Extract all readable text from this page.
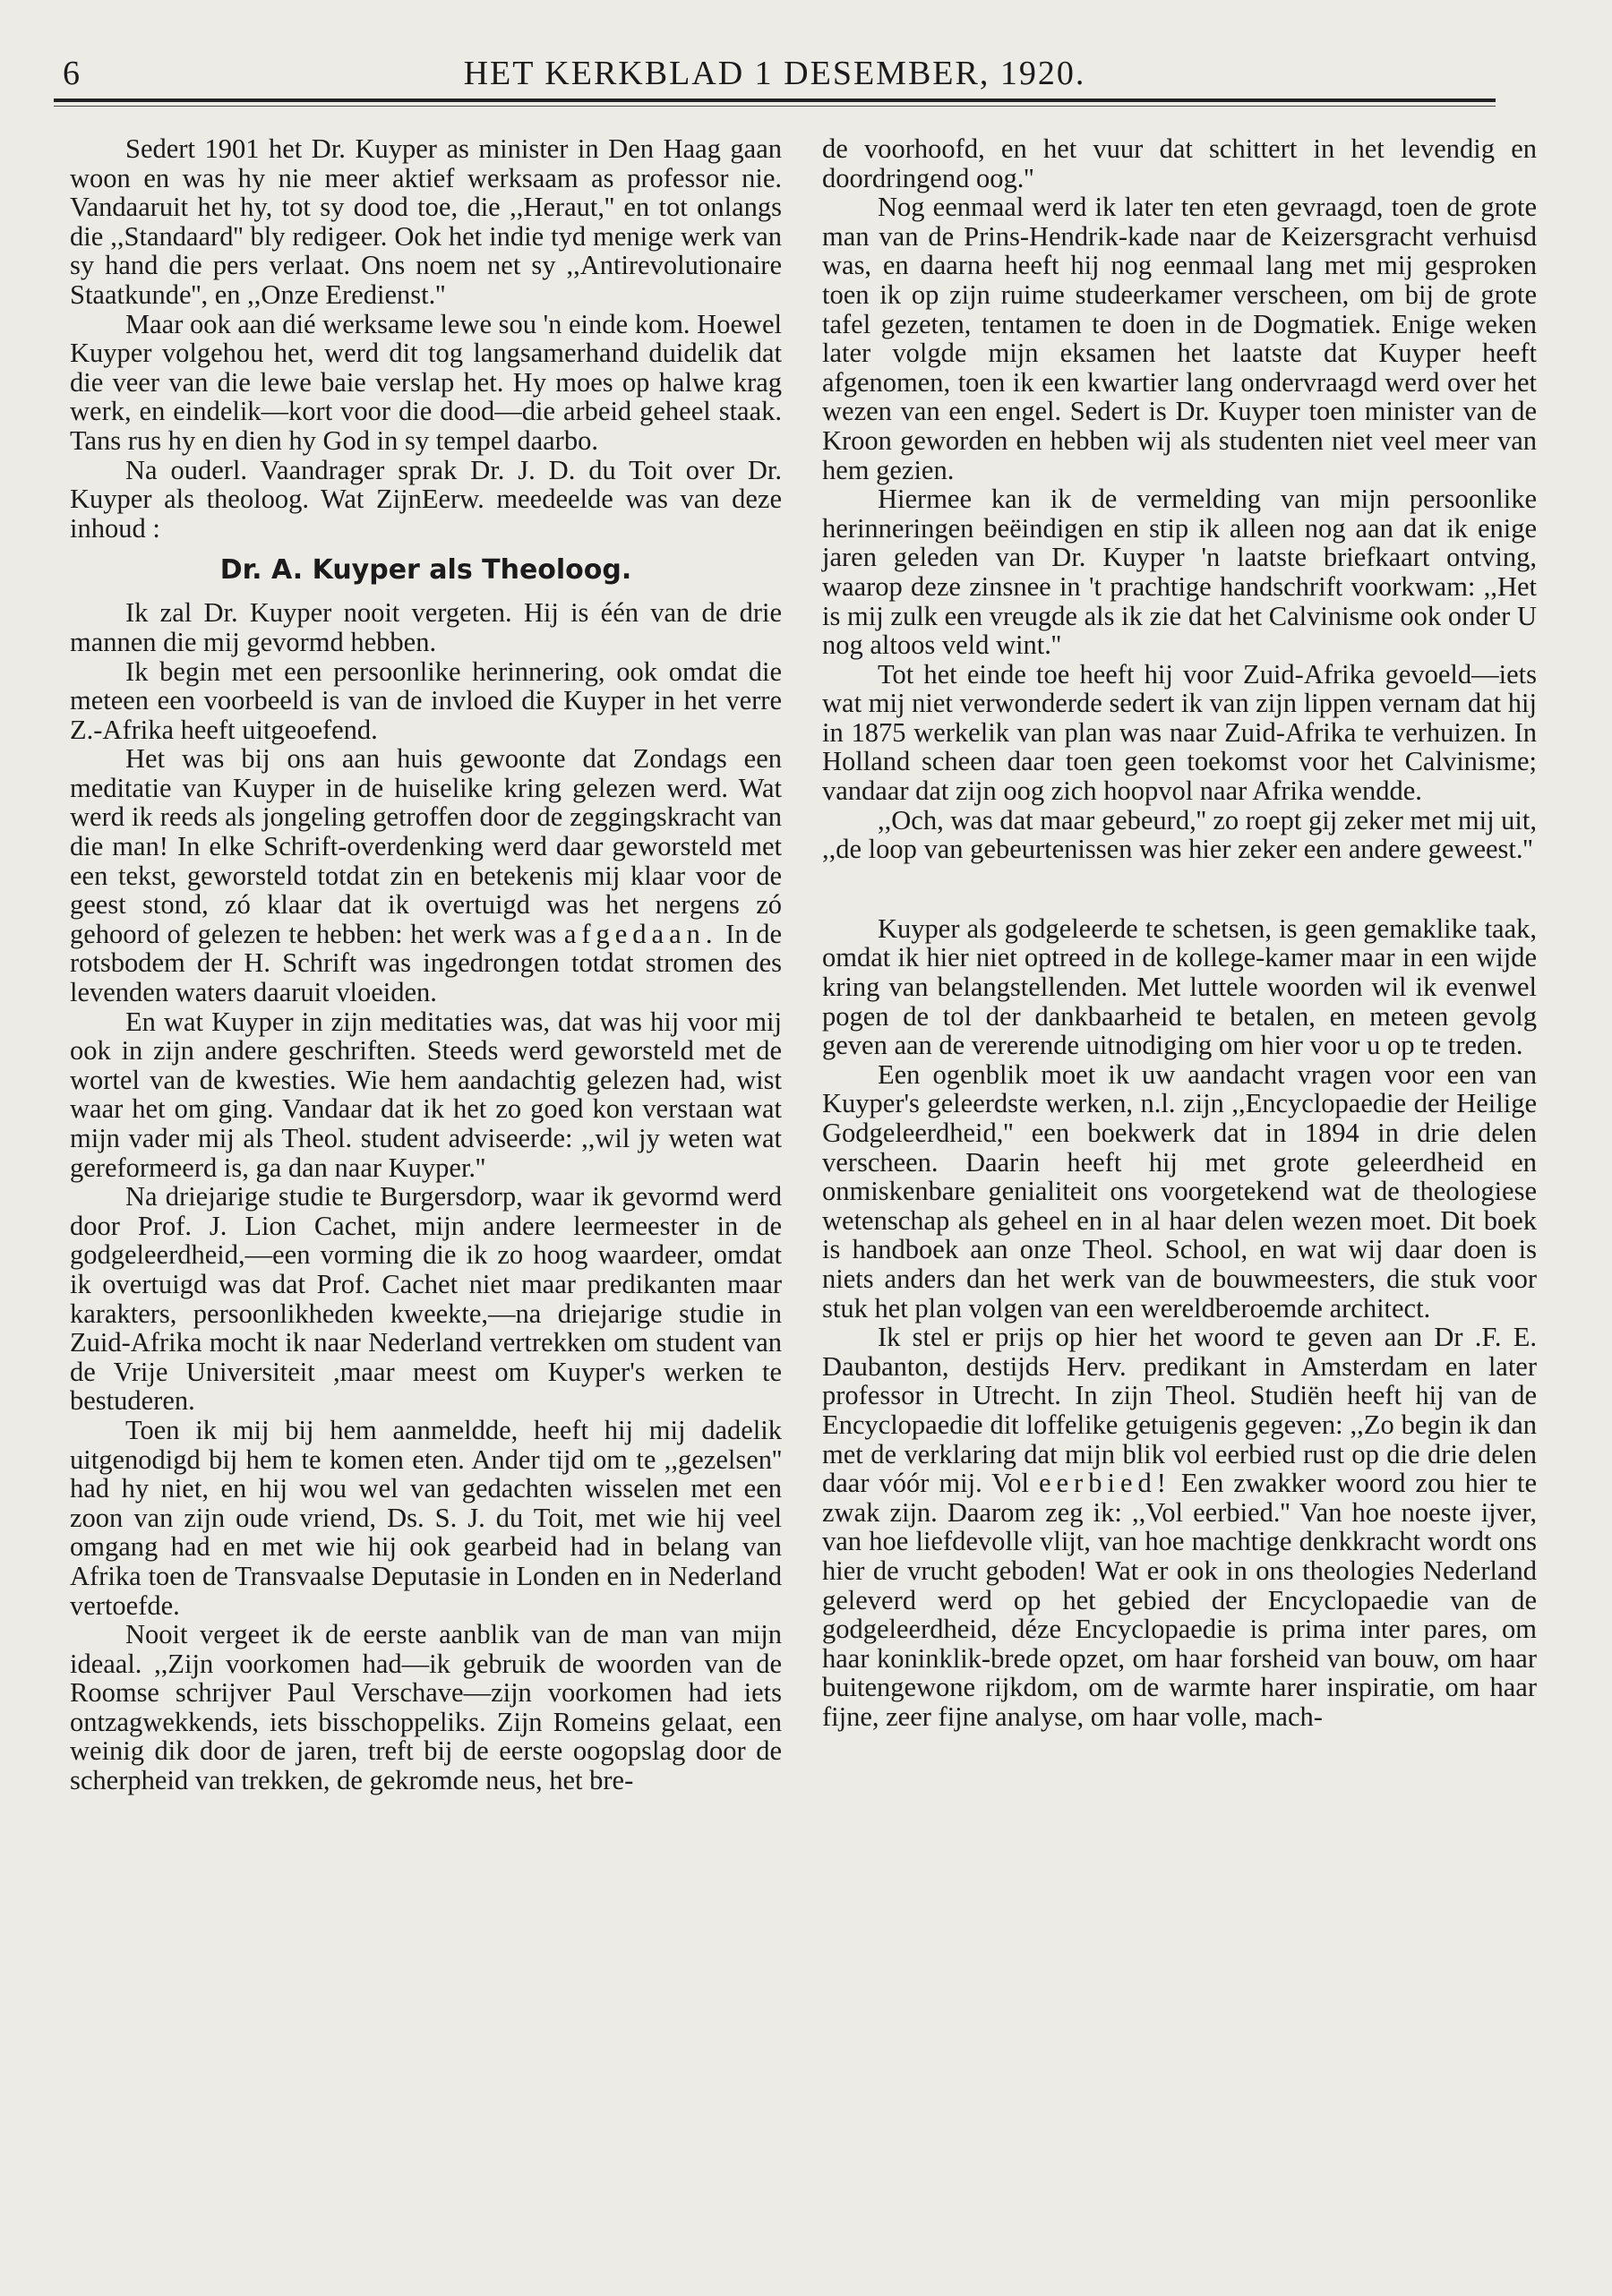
6	HET KERKBLAD 1 DESEMBER, 1920.

Sedert 1901 het Dr. Kuyper as minister in Den Haag gaan woon en was hy nie meer aktief werksaam as professor nie. Vandaaruit het hy, tot sy dood toe, die ,,Heraut,'' en tot onlangs die ,,Standaard'' bly redigeer. Ook het indie tyd menige werk van sy hand die pers verlaat. Ons noem net sy ,,Antirevolutionaire Staatkunde'', en ,,Onze Eredienst.''

Maar ook aan dié werksame lewe sou 'n einde kom. Hoewel Kuyper volgehou het, werd dit tog langsamerhand duidelik dat die veer van die lewe baie verslap het. Hy moes op halwe krag werk, en eindelik—kort voor die dood—die arbeid geheel staak. Tans rus hy en dien hy God in sy tempel daarbo.

Na ouderl. Vaandrager sprak Dr. J. D. du Toit over Dr. Kuyper als theoloog. Wat ZijnEerw. meedeelde was van deze inhoud :

Dr. A. Kuyper als Theoloog.

Ik zal Dr. Kuyper nooit vergeten. Hij is één van de drie mannen die mij gevormd hebben.

Ik begin met een persoonlike herinnering, ook omdat die meteen een voorbeeld is van de invloed die Kuyper in het verre Z.-Afrika heeft uitgeoefend.

Het was bij ons aan huis gewoonte dat Zondags een meditatie van Kuyper in de huiselike kring gelezen werd. Wat werd ik reeds als jongeling getroffen door de zeggingskracht van die man! In elke Schrift-overdenking werd daar geworsteld met een tekst, geworsteld totdat zin en betekenis mij klaar voor de geest stond, zó klaar dat ik overtuigd was het nergens zó gehoord of gelezen te hebben: het werk was afgedaan. In de rotsbodem der H. Schrift was ingedrongen totdat stromen des levenden waters daaruit vloeiden.

En wat Kuyper in zijn meditaties was, dat was hij voor mij ook in zijn andere geschriften. Steeds werd geworsteld met de wortel van de kwesties. Wie hem aandachtig gelezen had, wist waar het om ging. Vandaar dat ik het zo goed kon verstaan wat mijn vader mij als Theol. student adviseerde: ,,wil jy weten wat gereformeerd is, ga dan naar Kuyper.''

Na driejarige studie te Burgersdorp, waar ik gevormd werd door Prof. J. Lion Cachet, mijn andere leermeester in de godgeleerdheid,—een vorming die ik zo hoog waardeer, omdat ik overtuigd was dat Prof. Cachet niet maar predikanten maar karakters, persoonlikheden kweekte,—na driejarige studie in Zuid-Afrika mocht ik naar Nederland vertrekken om student van de Vrije Universiteit ,maar meest om Kuyper's werken te bestuderen.

Toen ik mij bij hem aanmeldde, heeft hij mij dadelik uitgenodigd bij hem te komen eten. Ander tijd om te ,,gezelsen'' had hy niet, en hij wou wel van gedachten wisselen met een zoon van zijn oude vriend, Ds. S. J. du Toit, met wie hij veel omgang had en met wie hij ook gearbeid had in belang van Afrika toen de Transvaalse Deputasie in Londen en in Nederland vertoefde.

Nooit vergeet ik de eerste aanblik van de man van mijn ideaal. ,,Zijn voorkomen had—ik gebruik de woorden van de Roomse schrijver Paul Verschave—zijn voorkomen had iets ontzagwekkends, iets bisschoppeliks. Zijn Romeins gelaat, een weinig dik door de jaren, treft bij de eerste oogopslag door de scherpheid van trekken, de gekromde neus, het bre-

de voorhoofd, en het vuur dat schittert in het levendig en doordringend oog.''

Nog eenmaal werd ik later ten eten gevraagd, toen de grote man van de Prins-Hendrik-kade naar de Keizersgracht verhuisd was, en daarna heeft hij nog eenmaal lang met mij gesproken toen ik op zijn ruime studeerkamer verscheen, om bij de grote tafel gezeten, tentamen te doen in de Dogmatiek. Enige weken later volgde mijn eksamen het laatste dat Kuyper heeft afgenomen, toen ik een kwartier lang ondervraagd werd over het wezen van een engel. Sedert is Dr. Kuyper toen minister van de Kroon geworden en hebben wij als studenten niet veel meer van hem gezien.

Hiermee kan ik de vermelding van mijn persoonlike herinneringen beëindigen en stip ik alleen nog aan dat ik enige jaren geleden van Dr. Kuyper 'n laatste briefkaart ontving, waarop deze zinsnee in 't prachtige handschrift voorkwam: ,,Het is mij zulk een vreugde als ik zie dat het Calvinisme ook onder U nog altoos veld wint.''

Tot het einde toe heeft hij voor Zuid-Afrika gevoeld—iets wat mij niet verwonderde sedert ik van zijn lippen vernam dat hij in 1875 werkelik van plan was naar Zuid-Afrika te verhuizen. In Holland scheen daar toen geen toekomst voor het Calvinisme; vandaar dat zijn oog zich hoopvol naar Afrika wendde.

,,Och, was dat maar gebeurd,'' zo roept gij zeker met mij uit, ,,de loop van gebeurtenissen was hier zeker een andere geweest.''

Kuyper als godgeleerde te schetsen, is geen gemaklike taak, omdat ik hier niet optreed in de kollege-kamer maar in een wijde kring van belangstellenden. Met luttele woorden wil ik evenwel pogen de tol der dankbaarheid te betalen, en meteen gevolg geven aan de vererende uitnodiging om hier voor u op te treden.

Een ogenblik moet ik uw aandacht vragen voor een van Kuyper's geleerdste werken, n.l. zijn ,,Encyclopaedie der Heilige Godgeleerdheid,'' een boekwerk dat in 1894 in drie delen verscheen. Daarin heeft hij met grote geleerdheid en onmiskenbare genialiteit ons voorgetekend wat de theologiese wetenschap als geheel en in al haar delen wezen moet. Dit boek is handboek aan onze Theol. School, en wat wij daar doen is niets anders dan het werk van de bouwmeesters, die stuk voor stuk het plan volgen van een wereldberoemde architect.

Ik stel er prijs op hier het woord te geven aan Dr .F. E. Daubanton, destijds Herv. predikant in Amsterdam en later professor in Utrecht. In zijn Theol. Studiën heeft hij van de Encyclopaedie dit loffelike getuigenis gegeven: ,,Zo begin ik dan met de verklaring dat mijn blik vol eerbied rust op die drie delen daar vóór mij. Vol eerbied! Een zwakker woord zou hier te zwak zijn. Daarom zeg ik: ,,Vol eerbied.'' Van hoe noeste ijver, van hoe liefdevolle vlijt, van hoe machtige denkkracht wordt ons hier de vrucht geboden! Wat er ook in ons theologies Nederland geleverd werd op het gebied der Encyclopaedie van de godgeleerdheid, déze Encyclopaedie is prima inter pares, om haar koninklik-brede opzet, om haar forsheid van bouw, om haar buitengewone rijkdom, om de warmte harer inspiratie, om haar fijne, zeer fijne analyse, om haar volle, mach-
